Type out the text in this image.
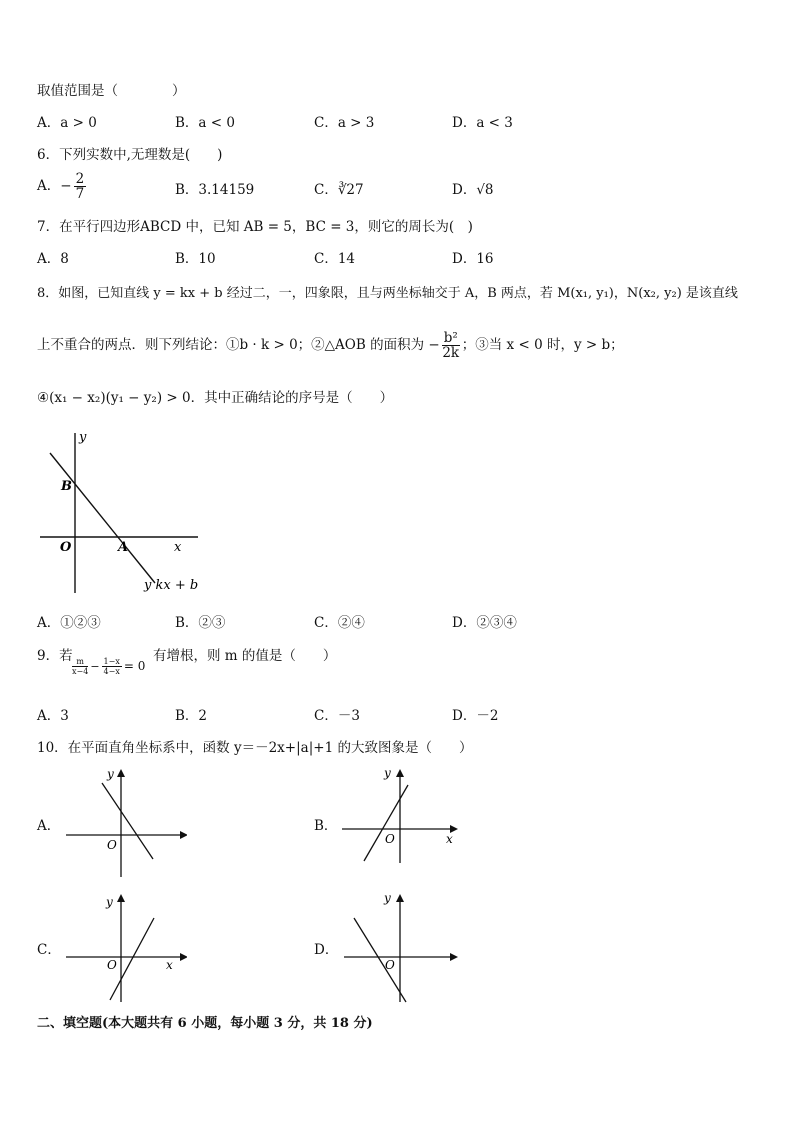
取值范围是（　　　　）
A．a > 0	B．a < 0	C．a > 3	D．a < 3
6．下列实数中,无理数是(　　)
A．− $\frac{2}{7}$	B．3.14159	C．∛27	D．√8
7．在平行四边形ABCD 中，已知 AB = 5，BC = 3，则它的周长为(　)
A．8	B．10	C．14	D．16
8．如图，已知直线 y = kx + b 经过二，一，四象限，且与两坐标轴交于 A，B 两点，若 M(x₁, y₁)，N(x₂, y₂) 是该直线
上不重合的两点．则下列结论：①b · k > 0；②△AOB 的面积为 − $\frac{\text{b²}}{2k}$ ；③当 x < 0 时，y > b；
④(x₁ − x₂)(y₁ − y₂) > 0．其中正确结论的序号是（　　）
y
x
O	A
B
y kx + b
A．①②③	B．②③	C．②④	D．②③④
9．若
$\frac{m}{x-4} - \frac{1-x}{4-x} = 0$
有增根，则 m 的值是（　　）
A．3	B．2	C．－3	D．－2
10．在平面直角坐标系中，函数 y＝－2x+|a|+1 的大致图象是（　　）
A．
y
O
B．
y
O	x
C．
y
O	x
D．
y
O
二、填空题(本大题共有 6 小题，每小题 3 分，共 18 分)
